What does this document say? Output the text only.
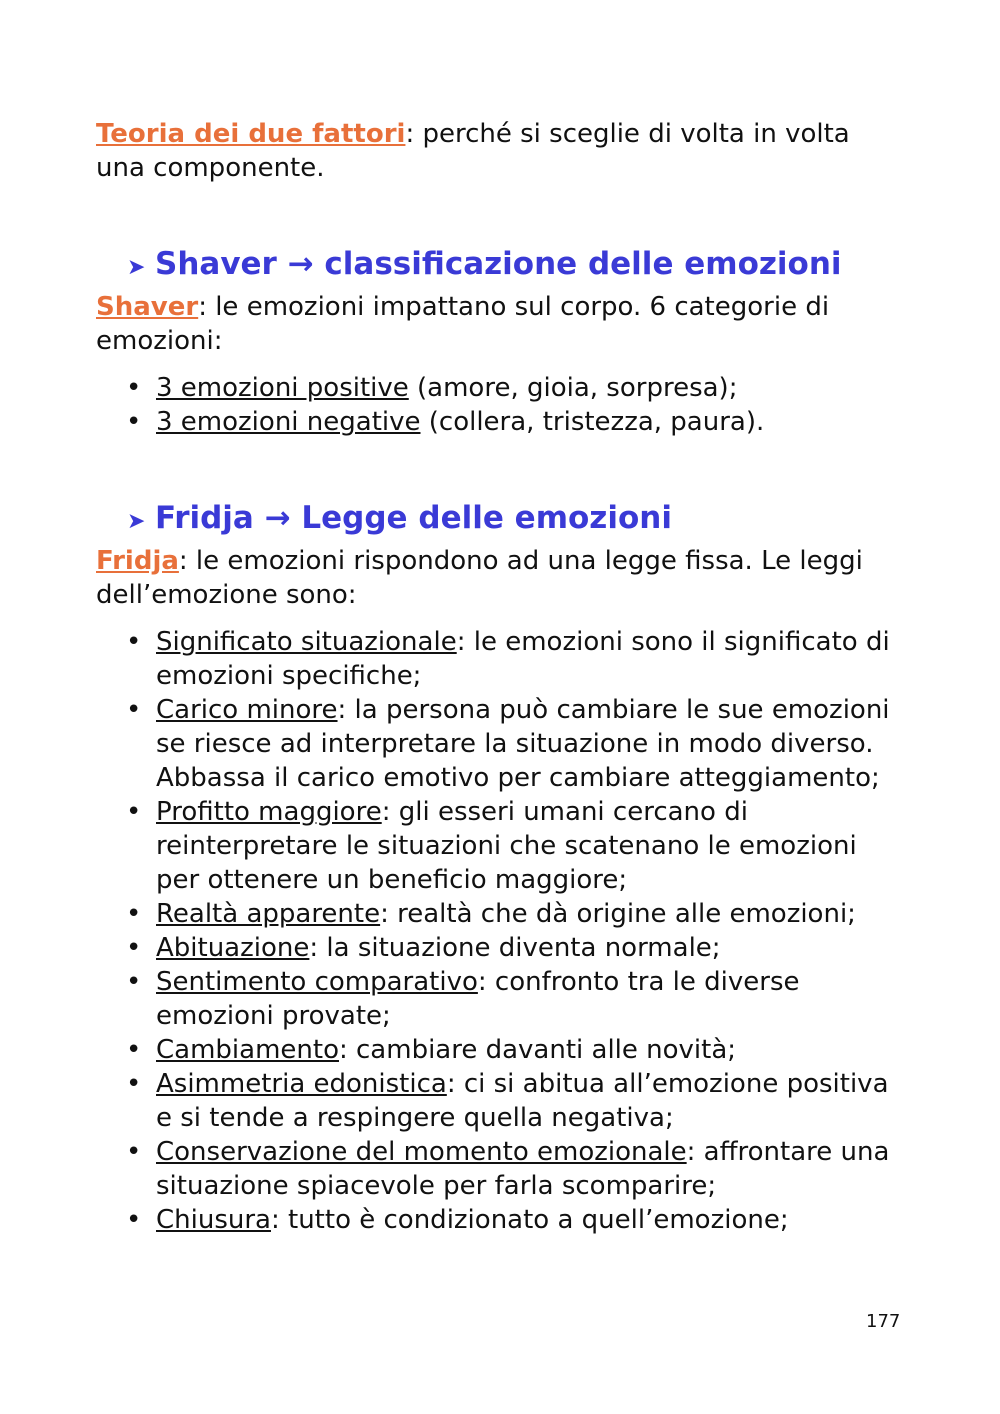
Teoria dei due fattori: perché si sceglie di volta in volta una componente.

➤ Shaver → classificazione delle emozioni

Shaver: le emozioni impattano sul corpo. 6 categorie di emozioni:

• 3 emozioni positive (amore, gioia, sorpresa);
• 3 emozioni negative (collera, tristezza, paura).
➤ Fridja → Legge delle emozioni

Fridja: le emozioni rispondono ad una legge fissa. Le leggi dell’emozione sono:

• Significato situazionale: le emozioni sono il significato di emozioni specifiche;
• Carico minore: la persona può cambiare le sue emozioni se riesce ad interpretare la situazione in modo diverso. Abbassa il carico emotivo per cambiare atteggiamento;
• Profitto maggiore: gli esseri umani cercano di reinterpretare le situazioni che scatenano le emozioni per ottenere un beneficio maggiore;
• Realtà apparente: realtà che dà origine alle emozioni;
• Abituazione: la situazione diventa normale;
• Sentimento comparativo: confronto tra le diverse emozioni provate;
• Cambiamento: cambiare davanti alle novità;
• Asimmetria edonistica: ci si abitua all’emozione positiva e si tende a respingere quella negativa;
• Conservazione del momento emozionale: affrontare una situazione spiacevole per farla scomparire;
• Chiusura: tutto è condizionato a quell’emozione;
177
